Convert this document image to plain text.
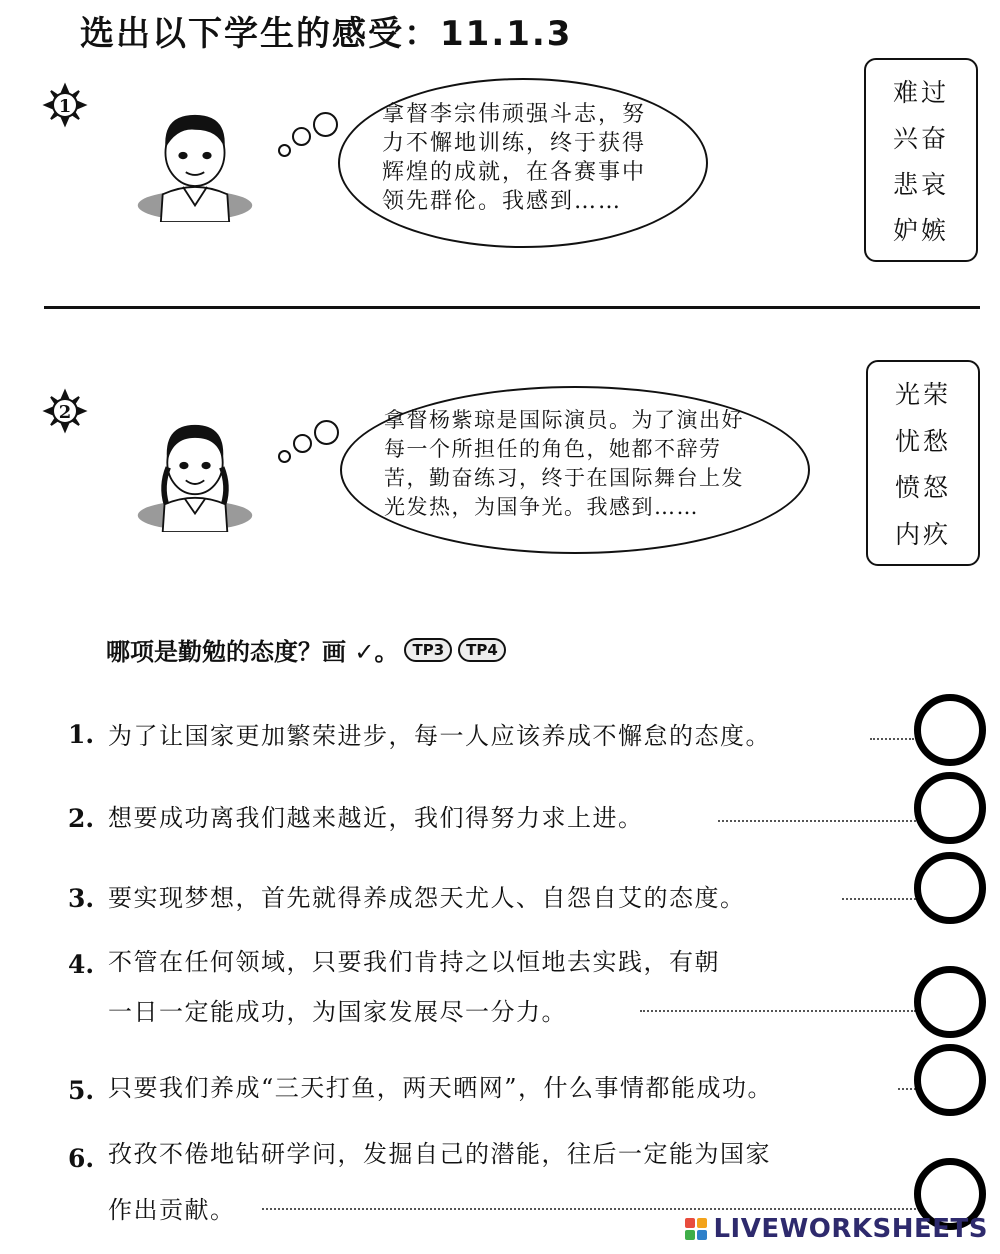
选出以下学生的感受：11.1.3
1	拿督李宗伟顽强斗志，努
力不懈地训练，终于获得
辉煌的成就，在各赛事中
领先群伦。我感到……
难过
兴奋
悲哀
妒嫉
2	拿督杨紫琼是国际演员。为了演出好
每一个所担任的角色，她都不辞劳
苦，勤奋练习，终于在国际舞台上发
光发热，为国争光。我感到……
光荣
忧愁
愤怒
内疚
哪项是勤勉的态度？画 ✓。 TP3	TP4
1. 为了让国家更加繁荣进步，每一人应该养成不懈怠的态度。
2. 想要成功离我们越来越近，我们得努力求上进。
3. 要实现梦想，首先就得养成怨天尤人、自怨自艾的态度。
4. 不管在任何领域，只要我们肯持之以恒地去实践，有朝
一日一定能成功，为国家发展尽一分力。
5. 只要我们养成“三天打鱼，两天晒网”，什么事情都能成功。
6. 孜孜不倦地钻研学问，发掘自己的潜能，往后一定能为国家
作出贡献。
LIVEWORKSHEETS
